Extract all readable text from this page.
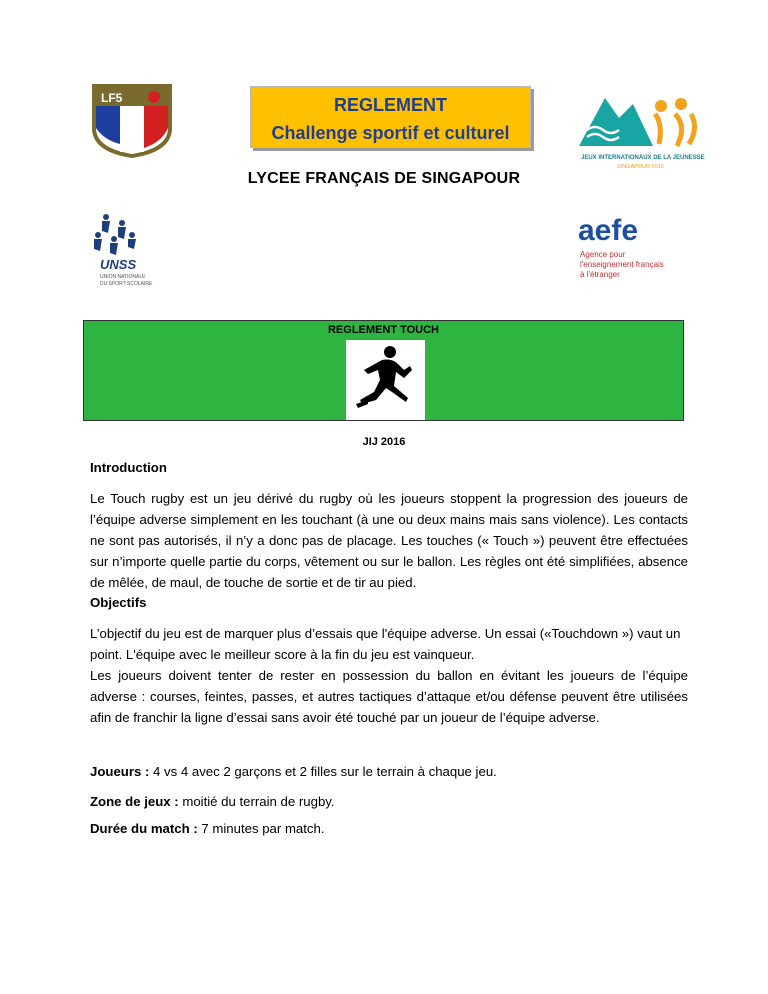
LF5	REGLEMENT
Challenge sportif et culturel
JEUX INTERNATIONAUX DE LA JEUNESSE
SINGAPOUR 2016
LYCEE FRANÇAIS DE SINGAPOUR
UNSS
UNION NATIONALE
DU SPORT SCOLAIRE
aefe
Agence pour
l'enseignement français
à l'étranger
REGLEMENT TOUCH
JIJ 2016
Introduction
Le Touch rugby est un jeu dérivé du rugby où les joueurs stoppent la progression des joueurs de l’équipe adverse simplement en les touchant (à une ou deux mains mais sans violence). Les contacts ne sont pas autorisés, il n’y a donc pas de placage. Les touches (« Touch ») peuvent être effectuées sur n’importe quelle partie du corps, vêtement ou sur le ballon. Les règles ont été simplifiées, absence de mêlée, de maul, de touche de sortie et de tir au pied.
Objectifs
L’objectif du jeu est de marquer plus d’essais que l'équipe adverse. Un essai («Touchdown ») vaut un point. L'équipe avec le meilleur score à la fin du jeu est vainqueur.
Les joueurs doivent tenter de rester en possession du ballon en évitant les joueurs de l’équipe adverse : courses, feintes, passes, et autres tactiques d’attaque et/ou défense peuvent être utilisées afin de franchir la ligne d’essai sans avoir été touché par un joueur de l’équipe adverse.
Joueurs : 4 vs 4 avec 2 garçons et 2 filles sur le terrain à chaque jeu.
Zone de jeux : moitié du terrain de rugby.
Durée du match : 7 minutes par match.
